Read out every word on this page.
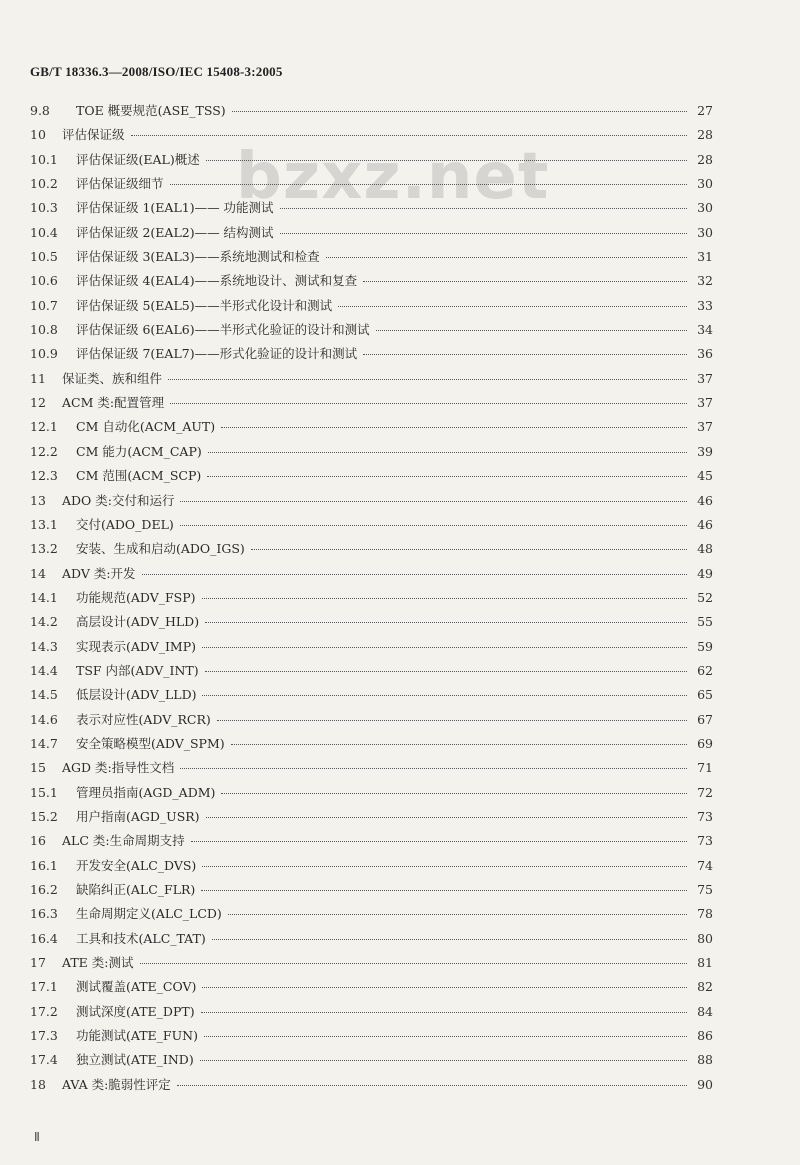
GB/T 18336.3—2008/ISO/IEC 15408-3:2005
bzxz.net
9.8	TOE 概要规范(ASE_TSS)	27
10	评估保证级	28
10.1	评估保证级(EAL)概述	28
10.2	评估保证级细节	30
10.3	评估保证级 1(EAL1)—— 功能测试	30
10.4	评估保证级 2(EAL2)—— 结构测试	30
10.5	评估保证级 3(EAL3)——系统地测试和检查	31
10.6	评估保证级 4(EAL4)——系统地设计、测试和复查	32
10.7	评估保证级 5(EAL5)——半形式化设计和测试	33
10.8	评估保证级 6(EAL6)——半形式化验证的设计和测试	34
10.9	评估保证级 7(EAL7)——形式化验证的设计和测试	36
11	保证类、族和组件	37
12	ACM 类:配置管理	37
12.1	CM 自动化(ACM_AUT)	37
12.2	CM 能力(ACM_CAP)	39
12.3	CM 范围(ACM_SCP)	45
13	ADO 类:交付和运行	46
13.1	交付(ADO_DEL)	46
13.2	安装、生成和启动(ADO_IGS)	48
14	ADV 类:开发	49
14.1	功能规范(ADV_FSP)	52
14.2	高层设计(ADV_HLD)	55
14.3	实现表示(ADV_IMP)	59
14.4	TSF 内部(ADV_INT)	62
14.5	低层设计(ADV_LLD)	65
14.6	表示对应性(ADV_RCR)	67
14.7	安全策略模型(ADV_SPM)	69
15	AGD 类:指导性文档	71
15.1	管理员指南(AGD_ADM)	72
15.2	用户指南(AGD_USR)	73
16	ALC 类:生命周期支持	73
16.1	开发安全(ALC_DVS)	74
16.2	缺陷纠正(ALC_FLR)	75
16.3	生命周期定义(ALC_LCD)	78
16.4	工具和技术(ALC_TAT)	80
17	ATE 类:测试	81
17.1	测试覆盖(ATE_COV)	82
17.2	测试深度(ATE_DPT)	84
17.3	功能测试(ATE_FUN)	86
17.4	独立测试(ATE_IND)	88
18	AVA 类:脆弱性评定	90
Ⅱ
